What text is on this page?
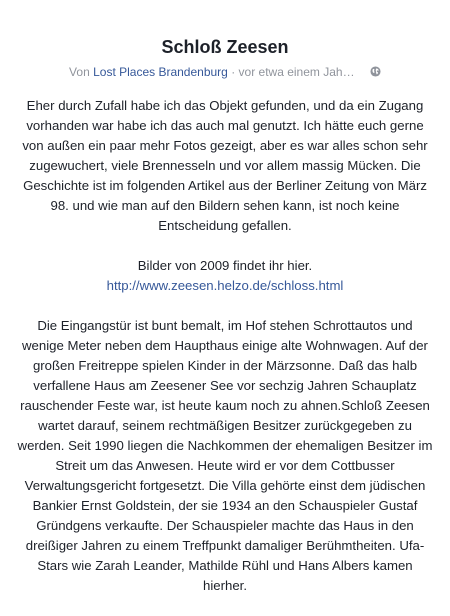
Schloß Zeesen
Von Lost Places Brandenburg · vor etwa einem Jah…

Eher durch Zufall habe ich das Objekt gefunden, und da ein Zugang vorhanden war habe ich das auch mal genutzt. Ich hätte euch gerne von außen ein paar mehr Fotos gezeigt, aber es war alles schon sehr zugewuchert, viele Brennesseln und vor allem massig Mücken. Die Geschichte ist im folgenden Artikel aus der Berliner Zeitung von März 98. und wie man auf den Bildern sehen kann, ist noch keine Entscheidung gefallen.

Bilder von 2009 findet ihr hier.
http://www.zeesen.helzo.de/schloss.html

Die Eingangstür ist bunt bemalt, im Hof stehen Schrottautos und wenige Meter neben dem Haupthaus einige alte Wohnwagen. Auf der großen Freitreppe spielen Kinder in der Märzsonne. Daß das halb verfallene Haus am Zeesener See vor sechzig Jahren Schauplatz rauschender Feste war, ist heute kaum noch zu ahnen.Schloß Zeesen wartet darauf, seinem rechtmäßigen Besitzer zurückgegeben zu werden. Seit 1990 liegen die Nachkommen der ehemaligen Besitzer im Streit um das Anwesen. Heute wird er vor dem Cottbusser Verwaltungsgericht fortgesetzt. Die Villa gehörte einst dem jüdischen Bankier Ernst Goldstein, der sie 1934 an den Schauspieler Gustaf Gründgens verkaufte. Der Schauspieler machte das Haus in den dreißiger Jahren zu einem Treffpunkt damaliger Berühmtheiten. Ufa-Stars wie Zarah Leander, Mathilde Rühl und Hans Albers kamen hierher.
